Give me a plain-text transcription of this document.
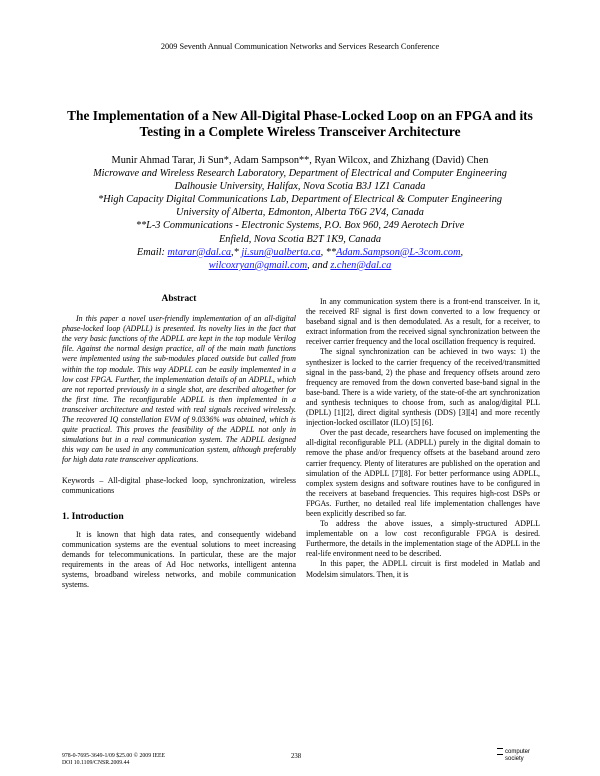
2009 Seventh Annual Communication Networks and Services Research Conference
The Implementation of a New All-Digital Phase-Locked Loop on an FPGA and its
Testing in a Complete Wireless Transceiver Architecture
Munir Ahmad Tarar, Ji Sun*, Adam Sampson**, Ryan Wilcox, and Zhizhang (David) Chen
Microwave and Wireless Research Laboratory, Department of Electrical and Computer Engineering
Dalhousie University, Halifax, Nova Scotia B3J 1Z1 Canada
*High Capacity Digital Communications Lab, Department of Electrical & Computer Engineering
University of Alberta, Edmonton, Alberta T6G 2V4, Canada
**L-3 Communications - Electronic Systems, P.O. Box 960, 249 Aerotech Drive
Enfield, Nova Scotia B2T 1K9, Canada
Email: mtarar@dal.ca,* ji.sun@ualberta.ca, **Adam.Sampson@L-3com.com,
wilcoxryan@gmail.com, and z.chen@dal.ca
Abstract

In this paper a novel user-friendly implementation of an all-digital phase-locked loop (ADPLL) is presented. Its novelty lies in the fact that the very basic functions of the ADPLL are kept in the top module Verilog file. Against the normal design practice, all of the main math functions were implemented using the sub-modules placed outside but called from within the top module. This way ADPLL can be easily implemented in a low cost FPGA. Further, the implementation details of an ADPLL, which are not reported previously in a single shot, are described altogether for the first time. The reconfigurable ADPLL is then implemented in a transceiver architecture and tested with real signals received wirelessly. The recovered IQ constellation EVM of 9.0336% was obtained, which is quite practical. This proves the feasibility of the ADPLL not only in simulations but in a real communication system. The ADPLL designed this way can be used in any communication system, although preferably for high data rate transceiver applications.

Keywords – All-digital phase-locked loop, synchronization, wireless communications

1. Introduction

It is known that high data rates, and consequently wideband communication systems are the eventual solutions to meet increasing demands for telecommunications. In particular, these are the major requirements in the areas of Ad Hoc networks, intelligent antenna systems, broadband wireless networks, and mobile communication systems.

In any communication system there is a front-end transceiver. In it, the received RF signal is first down converted to a low frequency or baseband signal and is then demodulated. As a result, for a receiver, to extract information from the received signal synchronization between the receiver carrier frequency and the local oscillation frequency is required.

The signal synchronization can be achieved in two ways: 1) the synthesizer is locked to the carrier frequency of the received/transmitted signal in the pass-band, 2) the phase and frequency offsets around zero frequency are removed from the down converted base-band signal in the base-band. There is a wide variety, of the state-of-the art synchronization and synthesis techniques to choose from, such as analog/digital PLL (DPLL) [1][2], direct digital synthesis (DDS) [3][4] and more recently injection-locked oscillator (ILO) [5] [6].

Over the past decade, researchers have focused on implementing the all-digital reconfigurable PLL (ADPLL) purely in the digital domain to remove the phase and/or frequency offsets at the baseband around zero carrier frequency. Plenty of literatures are published on the operation and simulation of the ADPLL [7][8]. For better performance using ADPLL, complex system designs and software routines have to be configured in the receivers at baseband frequencies. This requires high-cost DSPs or FPGAs. Further, no detailed real life implementation challenges have been explicitly described so far.

To address the above issues, a simply-structured ADPLL implementable on a low cost reconfigurable FPGA is desired. Furthermore, the details in the implementation stage of the ADPLL in the real-life environment need to be described.

In this paper, the ADPLL circuit is first modeled in Matlab and Modelsim simulators. Then, it is

978-0-7695-3649-1/09 $25.00 © 2009 IEEE
DOI 10.1109/CNSR.2009.44
238
computer
society
